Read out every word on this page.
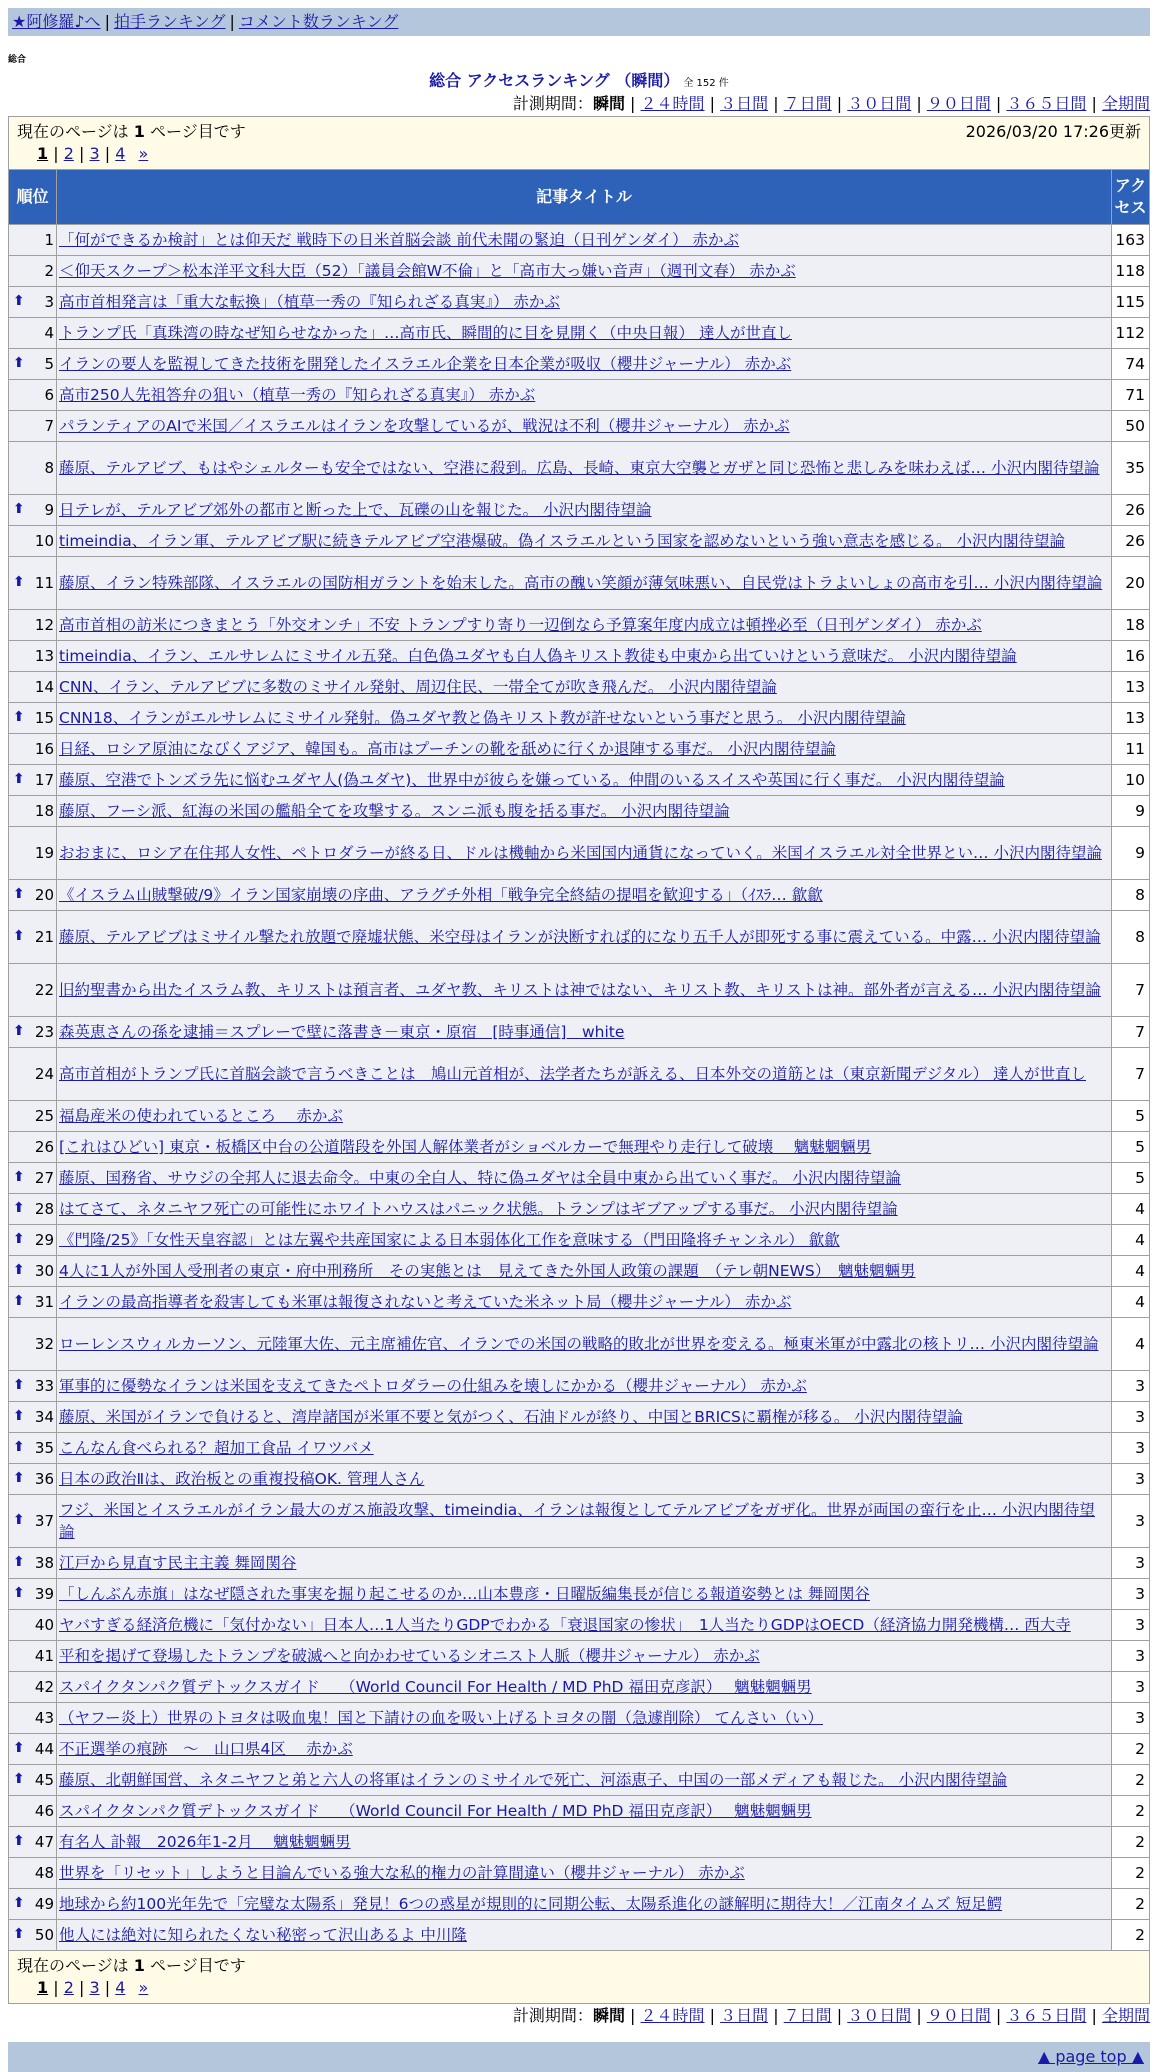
★阿修羅♪へ | 拍手ランキング | コメント数ランキング
総合
総合 アクセスランキング （瞬間） 全 152 件
計測期間：瞬間 | ２４時間 | ３日間 | ７日間 | ３０日間 | ９０日間 | ３６５日間 | 全期間
現在のページは 1 ページ目です 2026/03/20 17:26更新
1 | 2 | 3 | 4 »		

順位	記事タイトル	アクセス
1	「何ができるか検討」とは仰天だ 戦時下の日米首脳会談 前代未聞の緊迫（日刊ゲンダイ） 赤かぶ	163
2	＜仰天スクープ＞松本洋平文科大臣（52）「議員会館W不倫」と「高市大っ嫌い音声」（週刊文春） 赤かぶ	118

⬆ 3	高市首相発言は「重大な転換」（植草一秀の『知られざる真実』） 赤かぶ	115
4	トランプ氏「真珠湾の時なぜ知らせなかった」…高市氏、瞬間的に目を見開く（中央日報） 達人が世直し	112

⬆ 5	イランの要人を監視してきた技術を開発したイスラエル企業を日本企業が吸収（櫻井ジャーナル） 赤かぶ	74
6	高市250人先祖答弁の狙い（植草一秀の『知られざる真実』） 赤かぶ	71
7	パランティアのAIで米国／イスラエルはイランを攻撃しているが、戦況は不利（櫻井ジャーナル） 赤かぶ	50
8	藤原、テルアビブ、もはやシェルターも安全ではない、空港に殺到。広島、長崎、東京大空襲とガザと同じ恐怖と悲しみを味わえば… 小沢内閣待望論	35

⬆ 9	日テレが、テルアビブ郊外の都市と断った上で、瓦礫の山を報じた。 小沢内閣待望論	26
10	timeindia、イラン軍、テルアビブ駅に続きテルアビブ空港爆破。偽イスラエルという国家を認めないという強い意志を感じる。 小沢内閣待望論	26

⬆ 11	藤原、イラン特殊部隊、イスラエルの国防相ガラントを始末した。高市の醜い笑顔が薄気味悪い、自民党はトラよいしょの高市を引… 小沢内閣待望論	20
12	高市首相の訪米につきまとう「外交オンチ」不安 トランプすり寄り一辺倒なら予算案年度内成立は頓挫必至（日刊ゲンダイ） 赤かぶ	18
13	timeindia、イラン、エルサレムにミサイル五発。白色偽ユダヤも白人偽キリスト教徒も中東から出ていけという意味だ。 小沢内閣待望論	16
14	CNN、イラン、テルアビブに多数のミサイル発射、周辺住民、一帯全てが吹き飛んだ。 小沢内閣待望論	13

⬆ 15	CNN18、イランがエルサレムにミサイル発射。偽ユダヤ教と偽キリスト教が許せないという事だと思う。 小沢内閣待望論	13
16	日経、ロシア原油になびくアジア、韓国も。高市はプーチンの靴を舐めに行くか退陣する事だ。 小沢内閣待望論	11

⬆ 17	藤原、空港でトンズラ先に悩むユダヤ人(偽ユダヤ)、世界中が彼らを嫌っている。仲間のいるスイスや英国に行く事だ。 小沢内閣待望論	10
18	藤原、フーシ派、紅海の米国の艦船全てを攻撃する。スンニ派も腹を括る事だ。 小沢内閣待望論	9
19	おおまに、ロシア在住邦人女性、ペトロダラーが終る日、ドルは機軸から米国国内通貨になっていく。米国イスラエル対全世界とい… 小沢内閣待望論	9

⬆ 20	《イスラム山賊撃破/9》イラン国家崩壊の序曲、アラグチ外相「戦争完全終結の提唱を歓迎する」（ｲｽﾗ… 歙歙	8

⬆ 21	藤原、テルアビブはミサイル撃たれ放題で廃墟状態、米空母はイランが決断すれば的になり五千人が即死する事に震えている。中露… 小沢内閣待望論	8
22	旧約聖書から出たイスラム教、キリストは預言者、ユダヤ教、キリストは神ではない、キリスト教、キリストは神。部外者が言える… 小沢内閣待望論	7

⬆ 23	森英恵さんの孫を逮捕＝スプレーで壁に落書き－東京・原宿　[時事通信]　white	7
24	高市首相がトランプ氏に首脳会談で言うべきことは　鳩山元首相が、法学者たちが訴える、日本外交の道筋とは（東京新聞デジタル） 達人が世直し	7
25	福島産米の使われているところ　 赤かぶ	5
26	[これはひどい] 東京・板橋区中台の公道階段を外国人解体業者がショベルカーで無理やり走行して破壊　 魑魅魍魎男	5

⬆ 27	藤原、国務省、サウジの全邦人に退去命令。中東の全白人、特に偽ユダヤは全員中東から出ていく事だ。 小沢内閣待望論	5

⬆ 28	はてさて、ネタニヤフ死亡の可能性にホワイトハウスはパニック状態。トランプはギブアップする事だ。 小沢内閣待望論	4

⬆ 29	《門隆/25》「女性天皇容認」とは左翼や共産国家による日本弱体化工作を意味する（門田隆将チャンネル） 歙歙	4

⬆ 30	4人に1人が外国人受刑者の東京・府中刑務所　その実態とは　見えてきた外国人政策の課題　（テレ朝NEWS）　魑魅魍魎男	4

⬆ 31	イランの最高指導者を殺害しても米軍は報復されないと考えていた米ネット局（櫻井ジャーナル） 赤かぶ	4
32	ローレンスウィルカーソン、元陸軍大佐、元主席補佐官、イランでの米国の戦略的敗北が世界を変える。極東米軍が中露北の核トリ… 小沢内閣待望論	4

⬆ 33	軍事的に優勢なイランは米国を支えてきたペトロダラーの仕組みを壊しにかかる（櫻井ジャーナル） 赤かぶ	3

⬆ 34	藤原、米国がイランで負けると、湾岸諸国が米軍不要と気がつく、石油ドルが終り、中国とBRICSに覇権が移る。 小沢内閣待望論	3

⬆ 35	こんなん食べられる？超加工食品 イワツバメ	3

⬆ 36	日本の政治Ⅱは、政治板との重複投稿OK. 管理人さん	3

⬆ 37	フジ、米国とイスラエルがイラン最大のガス施設攻撃、timeindia、イランは報復としてテルアビブをガザ化。世界が両国の蛮行を止… 小沢内閣待望論	3

⬆ 38	江戸から見直す民主主義 舞岡関谷	3

⬆ 39	「しんぶん赤旗」はなぜ隠された事実を掘り起こせるのか…山本豊彦・日曜版編集長が信じる報道姿勢とは 舞岡関谷	3
40	ヤバすぎる経済危機に「気付かない」日本人…1人当たりGDPでわかる「衰退国家の惨状」　1人当たりGDPはOECD（経済協力開発機構… 西大寺	3
41	平和を掲げて登場したトランプを破滅へと向かわせているシオニスト人脈（櫻井ジャーナル） 赤かぶ	3
42	スパイクタンパク質デトックスガイド　 （World Council For Health / MD PhD 福田克彦訳）　 魑魅魍魎男	3
43	（ヤフー炎上）世界のトヨタは吸血鬼！国と下請けの血を吸い上げるトヨタの闇（急遽削除） てんさい（い）	3

⬆ 44	不正選挙の痕跡　～　山口県4区　 赤かぶ	2

⬆ 45	藤原、北朝鮮国営、ネタニヤフと弟と六人の将軍はイランのミサイルで死亡、河添恵子、中国の一部メディアも報じた。 小沢内閣待望論	2
46	スパイクタンパク質デトックスガイド　 （World Council For Health / MD PhD 福田克彦訳）　 魑魅魍魎男	2

⬆ 47	有名人 訃報　2026年1-2月　 魑魅魍魎男	2
48	世界を「リセット」しようと目論んでいる強大な私的権力の計算間違い（櫻井ジャーナル） 赤かぶ	2

⬆ 49	地球から約100光年先で「完璧な太陽系」発見！6つの惑星が規則的に同期公転、太陽系進化の謎解明に期待大！／江南タイムズ 短足鰐	2

⬆ 50	他人には絶対に知られたくない秘密って沢山あるよ 中川隆	2

現在のページは 1 ページ目です
1 | 2 | 3 | 4 »		
計測期間：瞬間 | ２４時間 | ３日間 | ７日間 | ３０日間 | ９０日間 | ３６５日間 | 全期間
▲ page top ▲
